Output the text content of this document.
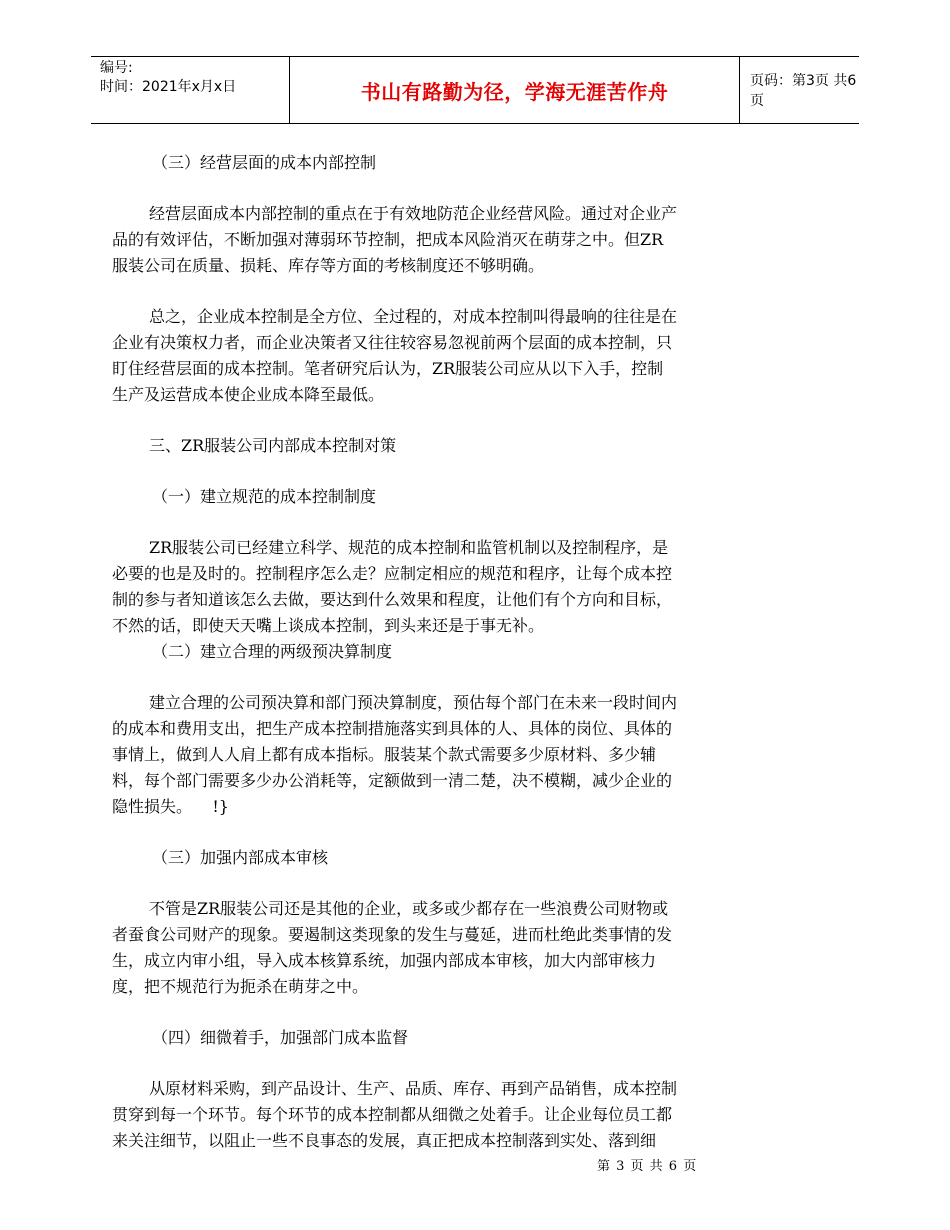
编号:
时间：2021年x月x日	书山有路勤为径，学海无涯苦作舟	页码：第3页 共6页
（三）经营层面的成本内部控制
经营层面成本内部控制的重点在于有效地防范企业经营风险。通过对企业产
品的有效评估，不断加强对薄弱环节控制，把成本风险消灭在萌芽之中。但ZR
服装公司在质量、损耗、库存等方面的考核制度还不够明确。
总之，企业成本控制是全方位、全过程的，对成本控制叫得最响的往往是在
企业有决策权力者，而企业决策者又往往较容易忽视前两个层面的成本控制，只
盯住经营层面的成本控制。笔者研究后认为，ZR服装公司应从以下入手，控制
生产及运营成本使企业成本降至最低。
三、ZR服装公司内部成本控制对策
（一）建立规范的成本控制制度
ZR服装公司已经建立科学、规范的成本控制和监管机制以及控制程序，是
必要的也是及时的。控制程序怎么走？应制定相应的规范和程序，让每个成本控
制的参与者知道该怎么去做，要达到什么效果和程度，让他们有个方向和目标，
不然的话，即使天天嘴上谈成本控制，到头来还是于事无补。
（二）建立合理的两级预决算制度
建立合理的公司预决算和部门预决算制度，预估每个部门在未来一段时间内
的成本和费用支出，把生产成本控制措施落实到具体的人、具体的岗位、具体的
事情上，做到人人肩上都有成本指标。服装某个款式需要多少原材料、多少辅
料，每个部门需要多少办公消耗等，定额做到一清二楚，决不模糊，减少企业的
隐性损失。    !}
（三）加强内部成本审核
不管是ZR服装公司还是其他的企业，或多或少都存在一些浪费公司财物或
者蚕食公司财产的现象。要遏制这类现象的发生与蔓延，进而杜绝此类事情的发
生，成立内审小组，导入成本核算系统，加强内部成本审核，加大内部审核力
度，把不规范行为扼杀在萌芽之中。
（四）细微着手，加强部门成本监督
从原材料采购，到产品设计、生产、品质、库存、再到产品销售，成本控制
贯穿到每一个环节。每个环节的成本控制都从细微之处着手。让企业每位员工都
来关注细节，以阻止一些不良事态的发展，真正把成本控制落到实处、落到细
第 3 页 共 6 页
